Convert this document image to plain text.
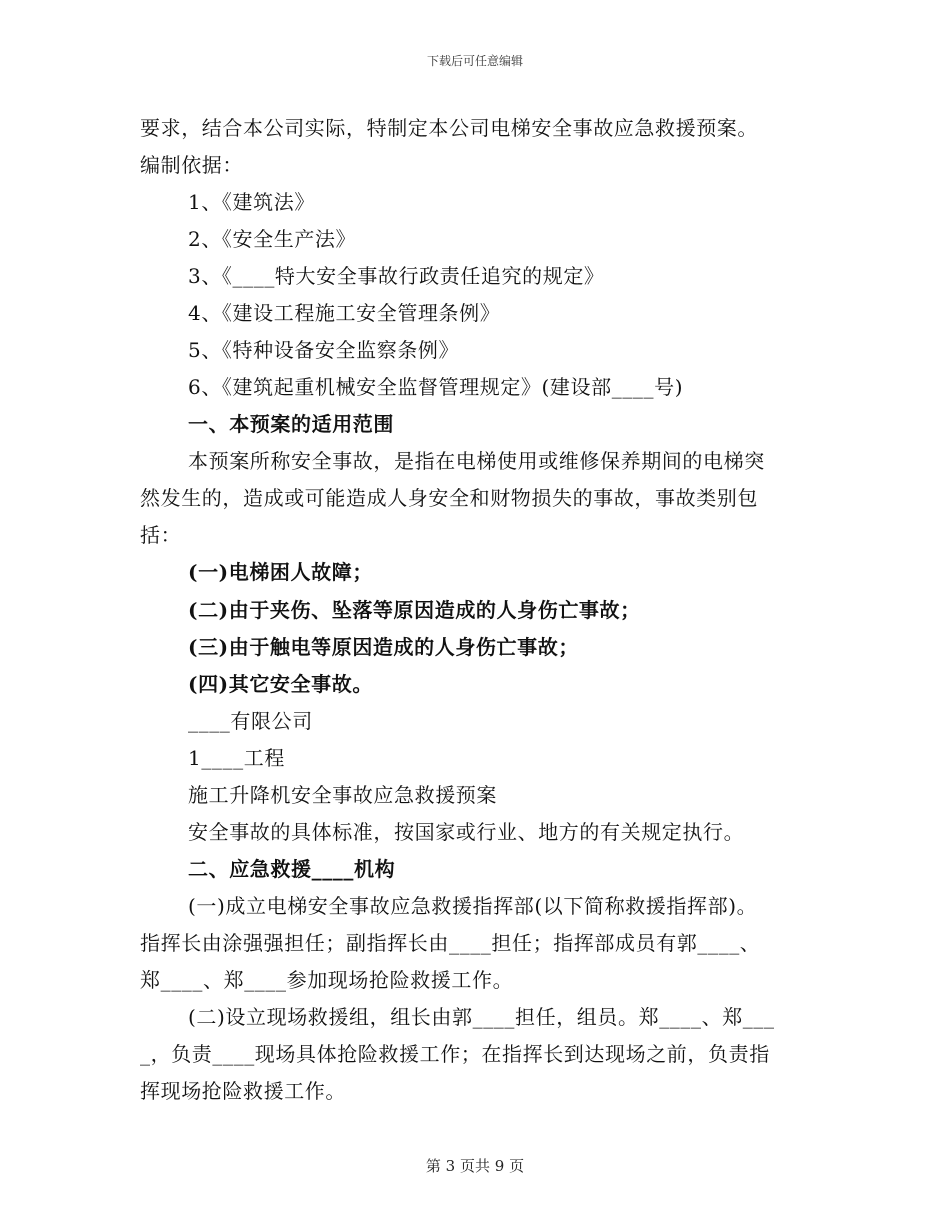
下载后可任意编辑
要求，结合本公司实际，特制定本公司电梯安全事故应急救援预案。
编制依据：
1、《建筑法》
2、《安全生产法》
3、《____特大安全事故行政责任追究的规定》
4、《建设工程施工安全管理条例》
5、《特种设备安全监察条例》
6、《建筑起重机械安全监督管理规定》(建设部____号)
一、本预案的适用范围
本预案所称安全事故，是指在电梯使用或维修保养期间的电梯突
然发生的，造成或可能造成人身安全和财物损失的事故，事故类别包
括：
(一)电梯困人故障；
(二)由于夹伤、坠落等原因造成的人身伤亡事故；
(三)由于触电等原因造成的人身伤亡事故；
(四)其它安全事故。
____有限公司
1____工程
施工升降机安全事故应急救援预案
安全事故的具体标准，按国家或行业、地方的有关规定执行。
二、应急救援____机构
(一)成立电梯安全事故应急救援指挥部(以下简称救援指挥部)。
指挥长由涂强强担任；副指挥长由____担任；指挥部成员有郭____、
郑____、郑____参加现场抢险救援工作。
(二)设立现场救援组，组长由郭____担任，组员。郑____、郑___
_，负责____现场具体抢险救援工作；在指挥长到达现场之前，负责指
挥现场抢险救援工作。
第 3 页共 9 页
